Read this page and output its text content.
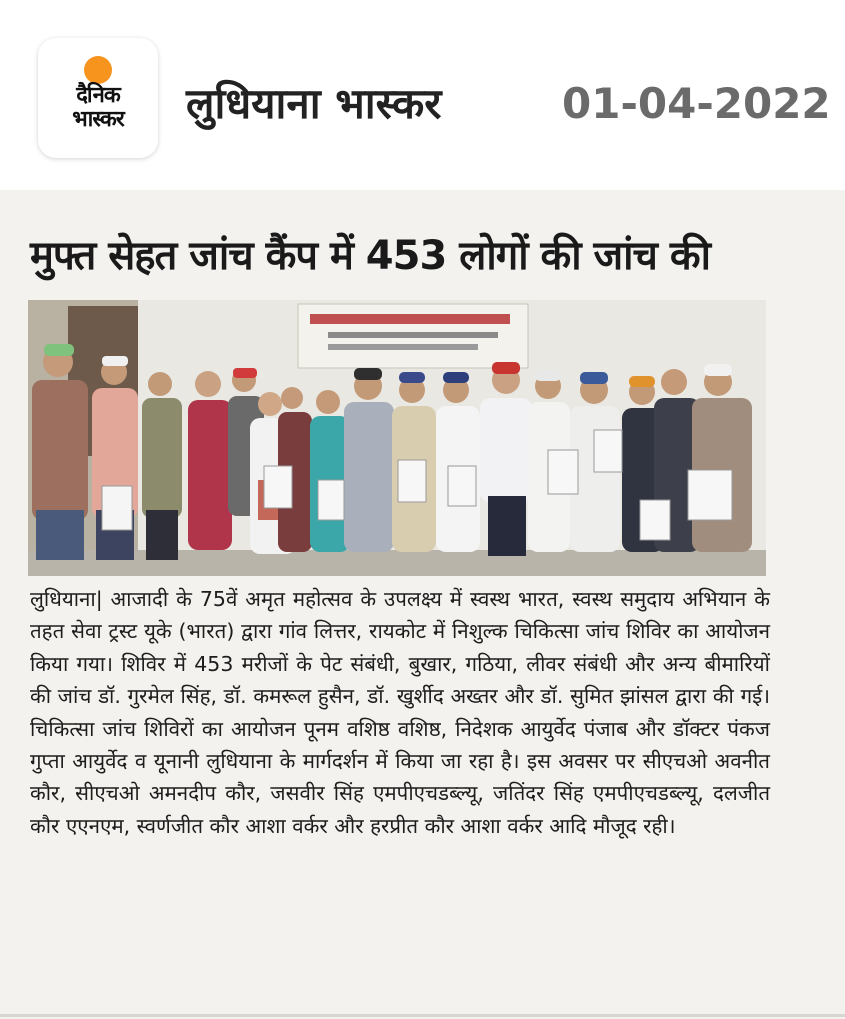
दैनिक
भास्कर	लुधियाना भास्कर	01-04-2022
मुफ्त सेहत जांच कैंप में 453 लोगों की जांच की
लुधियाना| आजादी के 75वें अमृत महोत्सव के उपलक्ष्य में स्वस्थ भारत, स्वस्थ समुदाय अभियान के तहत सेवा ट्रस्ट यूके (भारत) द्वारा गांव लित्तर, रायकोट में निशुल्क चिकित्सा जांच शिविर का आयोजन किया गया। शिविर में 453 मरीजों के पेट संबंधी, बुखार, गठिया, लीवर संबंधी और अन्य बीमारियों की जांच डॉ. गुरमेल सिंह, डॉ. कमरूल हुसैन, डॉ. खुर्शीद अख्तर और डॉ. सुमित झांसल द्वारा की गई। चिकित्सा जांच शिविरों का आयोजन पूनम वशिष्ठ वशिष्ठ, निदेशक आयुर्वेद पंजाब और डॉक्टर पंकज गुप्ता आयुर्वेद व यूनानी लुधियाना के मार्गदर्शन में किया जा रहा है। इस अवसर पर सीएचओ अवनीत कौर, सीएचओ अमनदीप कौर, जसवीर सिंह एमपीएचडब्ल्यू, जतिंदर सिंह एमपीएचडब्ल्यू, दलजीत कौर एएनएम, स्वर्णजीत कौर आशा वर्कर और हरप्रीत कौर आशा वर्कर आदि मौजूद रही।
